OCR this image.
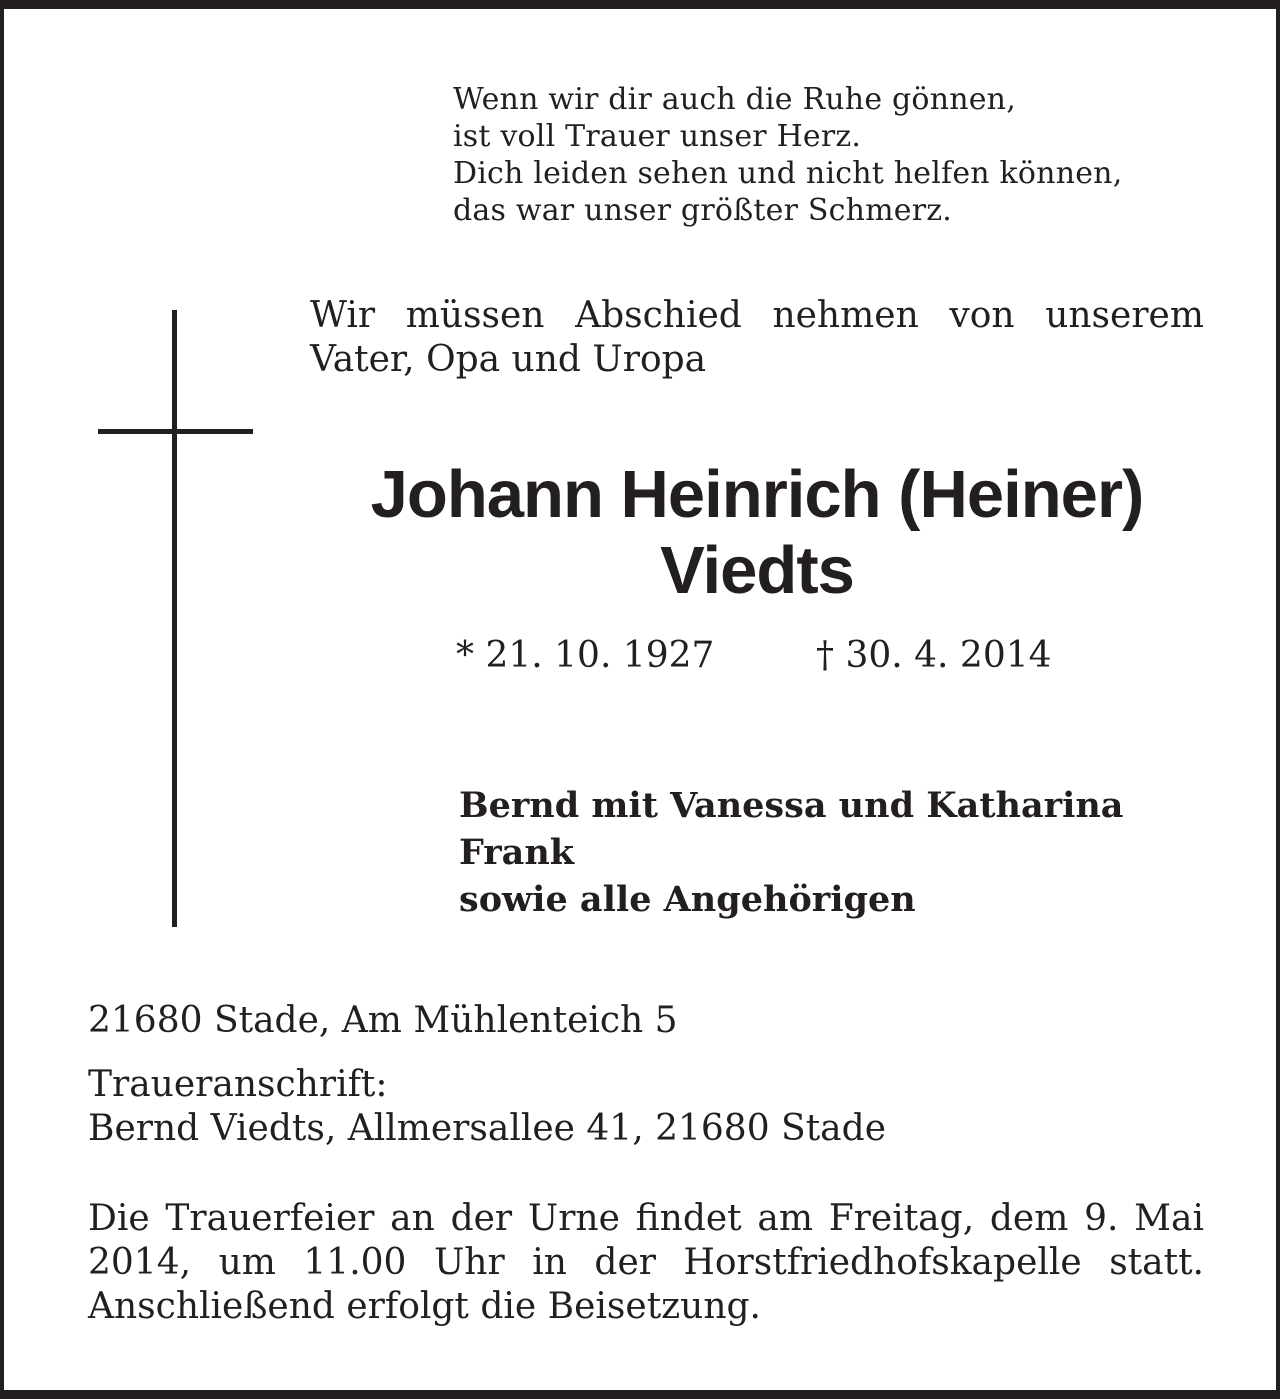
Wenn wir dir auch die Ruhe gönnen,
ist voll Trauer unser Herz.
Dich leiden sehen und nicht helfen können,
das war unser größter Schmerz.
Wir müssen Abschied nehmen von unserem Vater, Opa und Uropa
Johann Heinrich (Heiner)
Viedts
* 21. 10. 1927	† 30. 4. 2014
Bernd mit Vanessa und Katharina
Frank
sowie alle Angehörigen
21680 Stade, Am Mühlenteich 5
Traueranschrift:
Bernd Viedts, Allmersallee 41, 21680 Stade
Die Trauerfeier an der Urne findet am Freitag, dem 9. Mai 2014, um 11.00 Uhr in der Horstfriedhofskapelle statt. Anschließend erfolgt die Beisetzung.
